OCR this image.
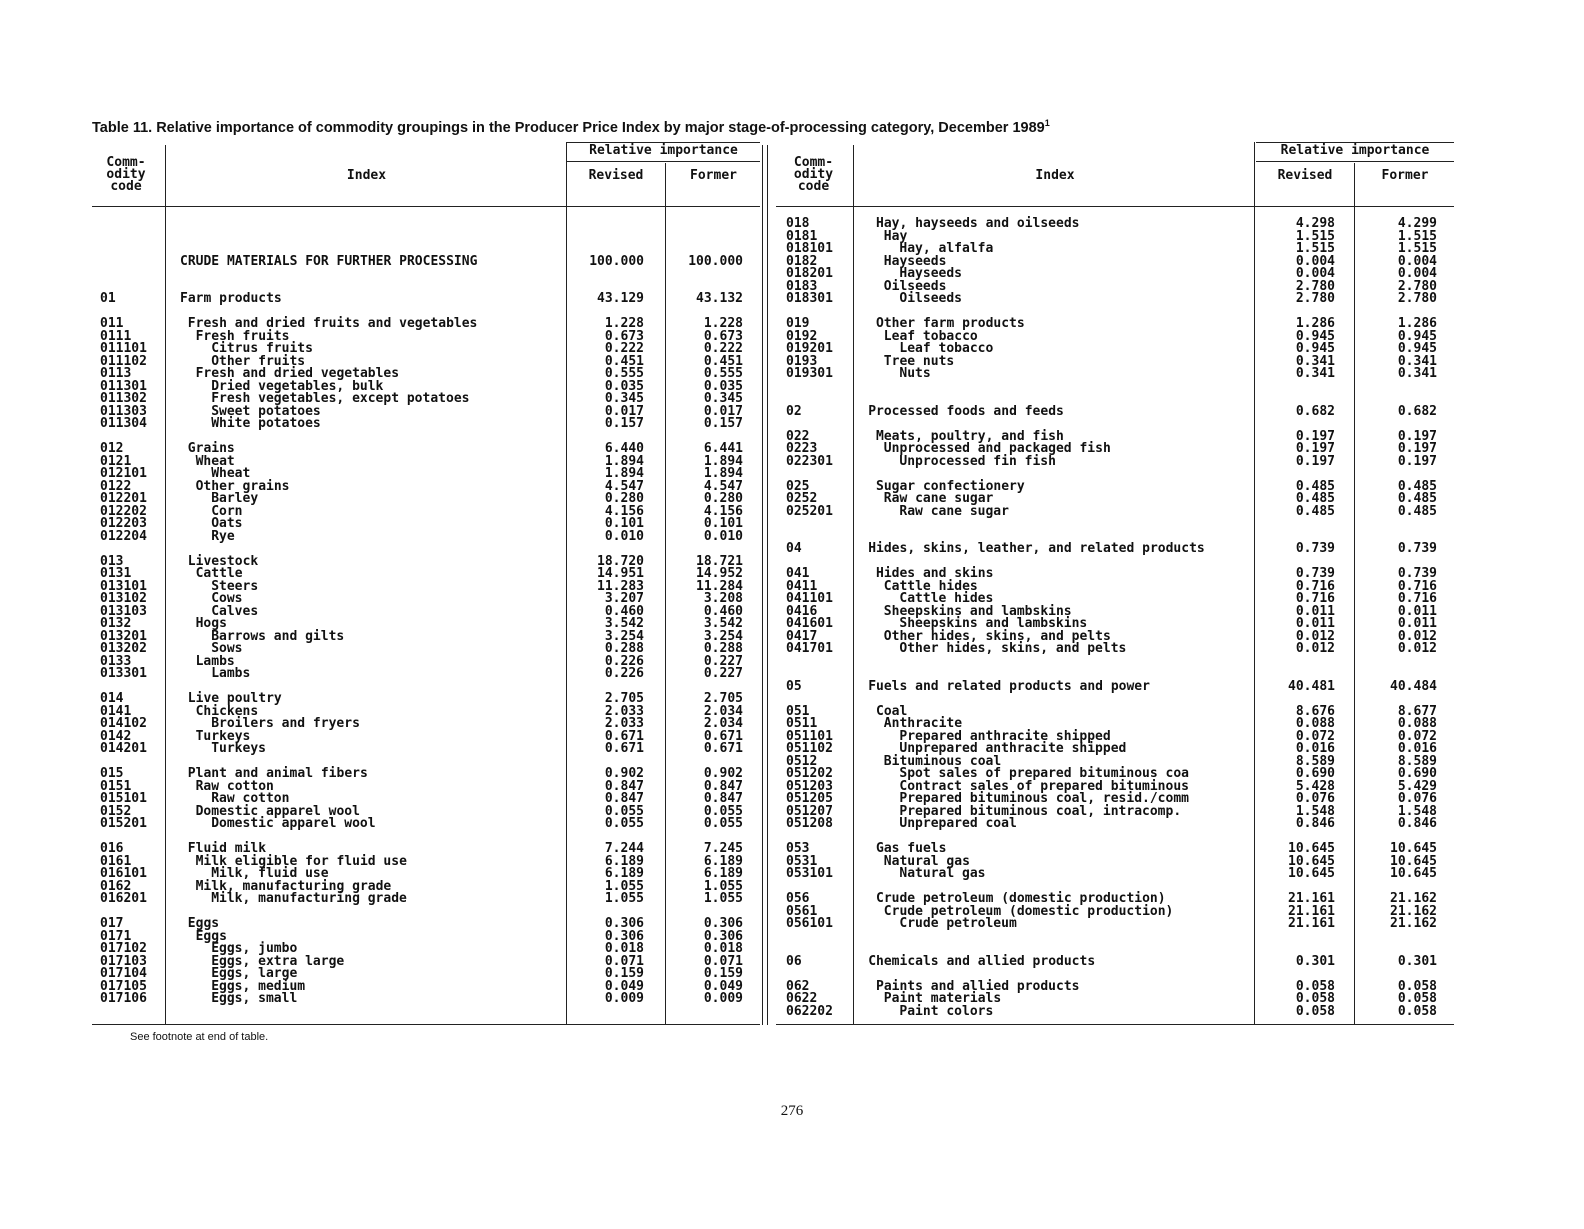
Table 11. Relative importance of commodity groupings in the Producer Price Index by major stage-of-processing category, December 1989$^1$
Comm-
odity
code
Index
Relative importance
Revised	Former
Comm-
odity
code
Index
Relative importance
Revised	Former
CRUDE MATERIALS FOR FURTHER PROCESSING	100.000	100.000
01	Farm products	43.129	43.132
011	Fresh and dried fruits and vegetables	1.228	1.228
0111	Fresh fruits	0.673	0.673
011101	Citrus fruits	0.222	0.222
011102	Other fruits	0.451	0.451
0113	Fresh and dried vegetables	0.555	0.555
011301	Dried vegetables, bulk	0.035	0.035
011302	Fresh vegetables, except potatoes	0.345	0.345
011303	Sweet potatoes	0.017	0.017
011304	White potatoes	0.157	0.157
012	Grains	6.440	6.441
0121	Wheat	1.894	1.894
012101	Wheat	1.894	1.894
0122	Other grains	4.547	4.547
012201	Barley	0.280	0.280
012202	Corn	4.156	4.156
012203	Oats	0.101	0.101
012204	Rye	0.010	0.010
013	Livestock	18.720	18.721
0131	Cattle	14.951	14.952
013101	Steers	11.283	11.284
013102	Cows	3.207	3.208
013103	Calves	0.460	0.460
0132	Hogs	3.542	3.542
013201	Barrows and gilts	3.254	3.254
013202	Sows	0.288	0.288
0133	Lambs	0.226	0.227
013301	Lambs	0.226	0.227
014	Live poultry	2.705	2.705
0141	Chickens	2.033	2.034
014102	Broilers and fryers	2.033	2.034
0142	Turkeys	0.671	0.671
014201	Turkeys	0.671	0.671
015	Plant and animal fibers	0.902	0.902
0151	Raw cotton	0.847	0.847
015101	Raw cotton	0.847	0.847
0152	Domestic apparel wool	0.055	0.055
015201	Domestic apparel wool	0.055	0.055
016	Fluid milk	7.244	7.245
0161	Milk eligible for fluid use	6.189	6.189
016101	Milk, fluid use	6.189	6.189
0162	Milk, manufacturing grade	1.055	1.055
016201	Milk, manufacturing grade	1.055	1.055
017	Eggs	0.306	0.306
0171	Eggs	0.306	0.306
017102	Eggs, jumbo	0.018	0.018
017103	Eggs, extra large	0.071	0.071
017104	Eggs, large	0.159	0.159
017105	Eggs, medium	0.049	0.049
017106	Eggs, small	0.009	0.009
018	Hay, hayseeds and oilseeds	4.298	4.299
0181	Hay	1.515	1.515
018101	Hay, alfalfa	1.515	1.515
0182	Hayseeds	0.004	0.004
018201	Hayseeds	0.004	0.004
0183	Oilseeds	2.780	2.780
018301	Oilseeds	2.780	2.780
019	Other farm products	1.286	1.286
0192	Leaf tobacco	0.945	0.945
019201	Leaf tobacco	0.945	0.945
0193	Tree nuts	0.341	0.341
019301	Nuts	0.341	0.341
02	Processed foods and feeds	0.682	0.682
022	Meats, poultry, and fish	0.197	0.197
0223	Unprocessed and packaged fish	0.197	0.197
022301	Unprocessed fin fish	0.197	0.197
025	Sugar confectionery	0.485	0.485
0252	Raw cane sugar	0.485	0.485
025201	Raw cane sugar	0.485	0.485
04	Hides, skins, leather, and related products	0.739	0.739
041	Hides and skins	0.739	0.739
0411	Cattle hides	0.716	0.716
041101	Cattle hides	0.716	0.716
0416	Sheepskins and lambskins	0.011	0.011
041601	Sheepskins and lambskins	0.011	0.011
0417	Other hides, skins, and pelts	0.012	0.012
041701	Other hides, skins, and pelts	0.012	0.012
05	Fuels and related products and power	40.481	40.484
051	Coal	8.676	8.677
0511	Anthracite	0.088	0.088
051101	Prepared anthracite shipped	0.072	0.072
051102	Unprepared anthracite shipped	0.016	0.016
0512	Bituminous coal	8.589	8.589
051202	Spot sales of prepared bituminous coa	0.690	0.690
051203	Contract sales of prepared bituminous	5.428	5.429
051205	Prepared bituminous coal, resid./comm	0.076	0.076
051207	Prepared bituminous coal, intracomp.	1.548	1.548
051208	Unprepared coal	0.846	0.846
053	Gas fuels	10.645	10.645
0531	Natural gas	10.645	10.645
053101	Natural gas	10.645	10.645
056	Crude petroleum (domestic production)	21.161	21.162
0561	Crude petroleum (domestic production)	21.161	21.162
056101	Crude petroleum	21.161	21.162
06	Chemicals and allied products	0.301	0.301
062	Paints and allied products	0.058	0.058
0622	Paint materials	0.058	0.058
062202	Paint colors	0.058	0.058
See footnote at end of table.
276
